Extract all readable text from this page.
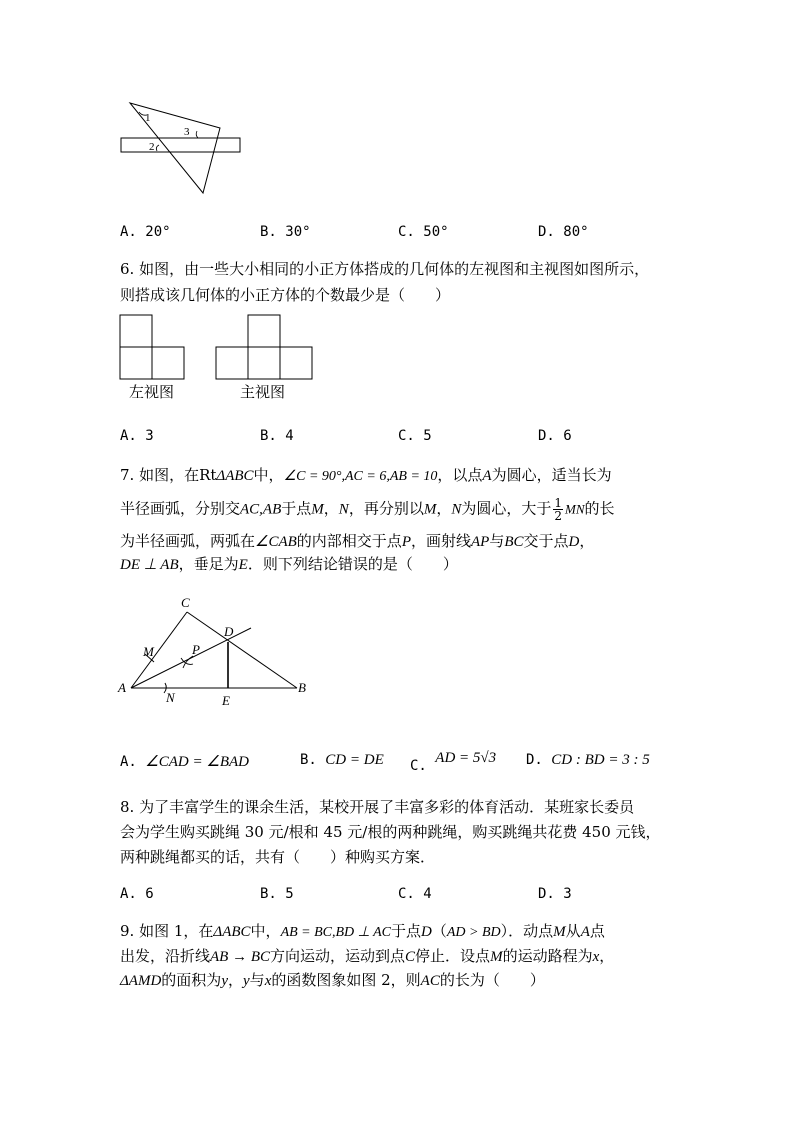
1
3
2
A. 20°	B. 30°	C. 50°	D. 80°
6. 如图，由一些大小相同的小正方体搭成的几何体的左视图和主视图如图所示，
则搭成该几何体的小正方体的个数最少是（　　）
左视图	主视图
A. 3	B. 4	C. 5	D. 6
7. 如图，在RtΔABC中，∠C = 90°,AC = 6,AB = 10，以点A为圆心，适当长为
半径画弧，分别交AC,AB于点M，N，再分别以M，N为圆心，大于 $\frac{1}{2}$ MN的长
为半径画弧，两弧在∠CAB的内部相交于点P，画射线AP与BC交于点D，
DE ⊥ AB，垂足为E．则下列结论错误的是（　　）
C
D
M	P
A
N	E
B
A. ∠CAD = ∠BAD	B. CD = DE C. AD = 5√3 D. CD : BD = 3 : 5
8. 为了丰富学生的课余生活，某校开展了丰富多彩的体育活动．某班家长委员
会为学生购买跳绳 30 元/根和 45 元/根的两种跳绳，购买跳绳共花费 450 元钱，
两种跳绳都买的话，共有（　　）种购买方案．
A. 6	B. 5	C. 4	D. 3
9. 如图 1，在ΔABC中，AB = BC,BD ⊥ AC于点D（AD > BD）．动点M从A点
出发，沿折线AB → BC方向运动，运动到点C停止．设点M的运动路程为x，
ΔAMD的面积为y，y与x的函数图象如图 2，则AC的长为（　　）
